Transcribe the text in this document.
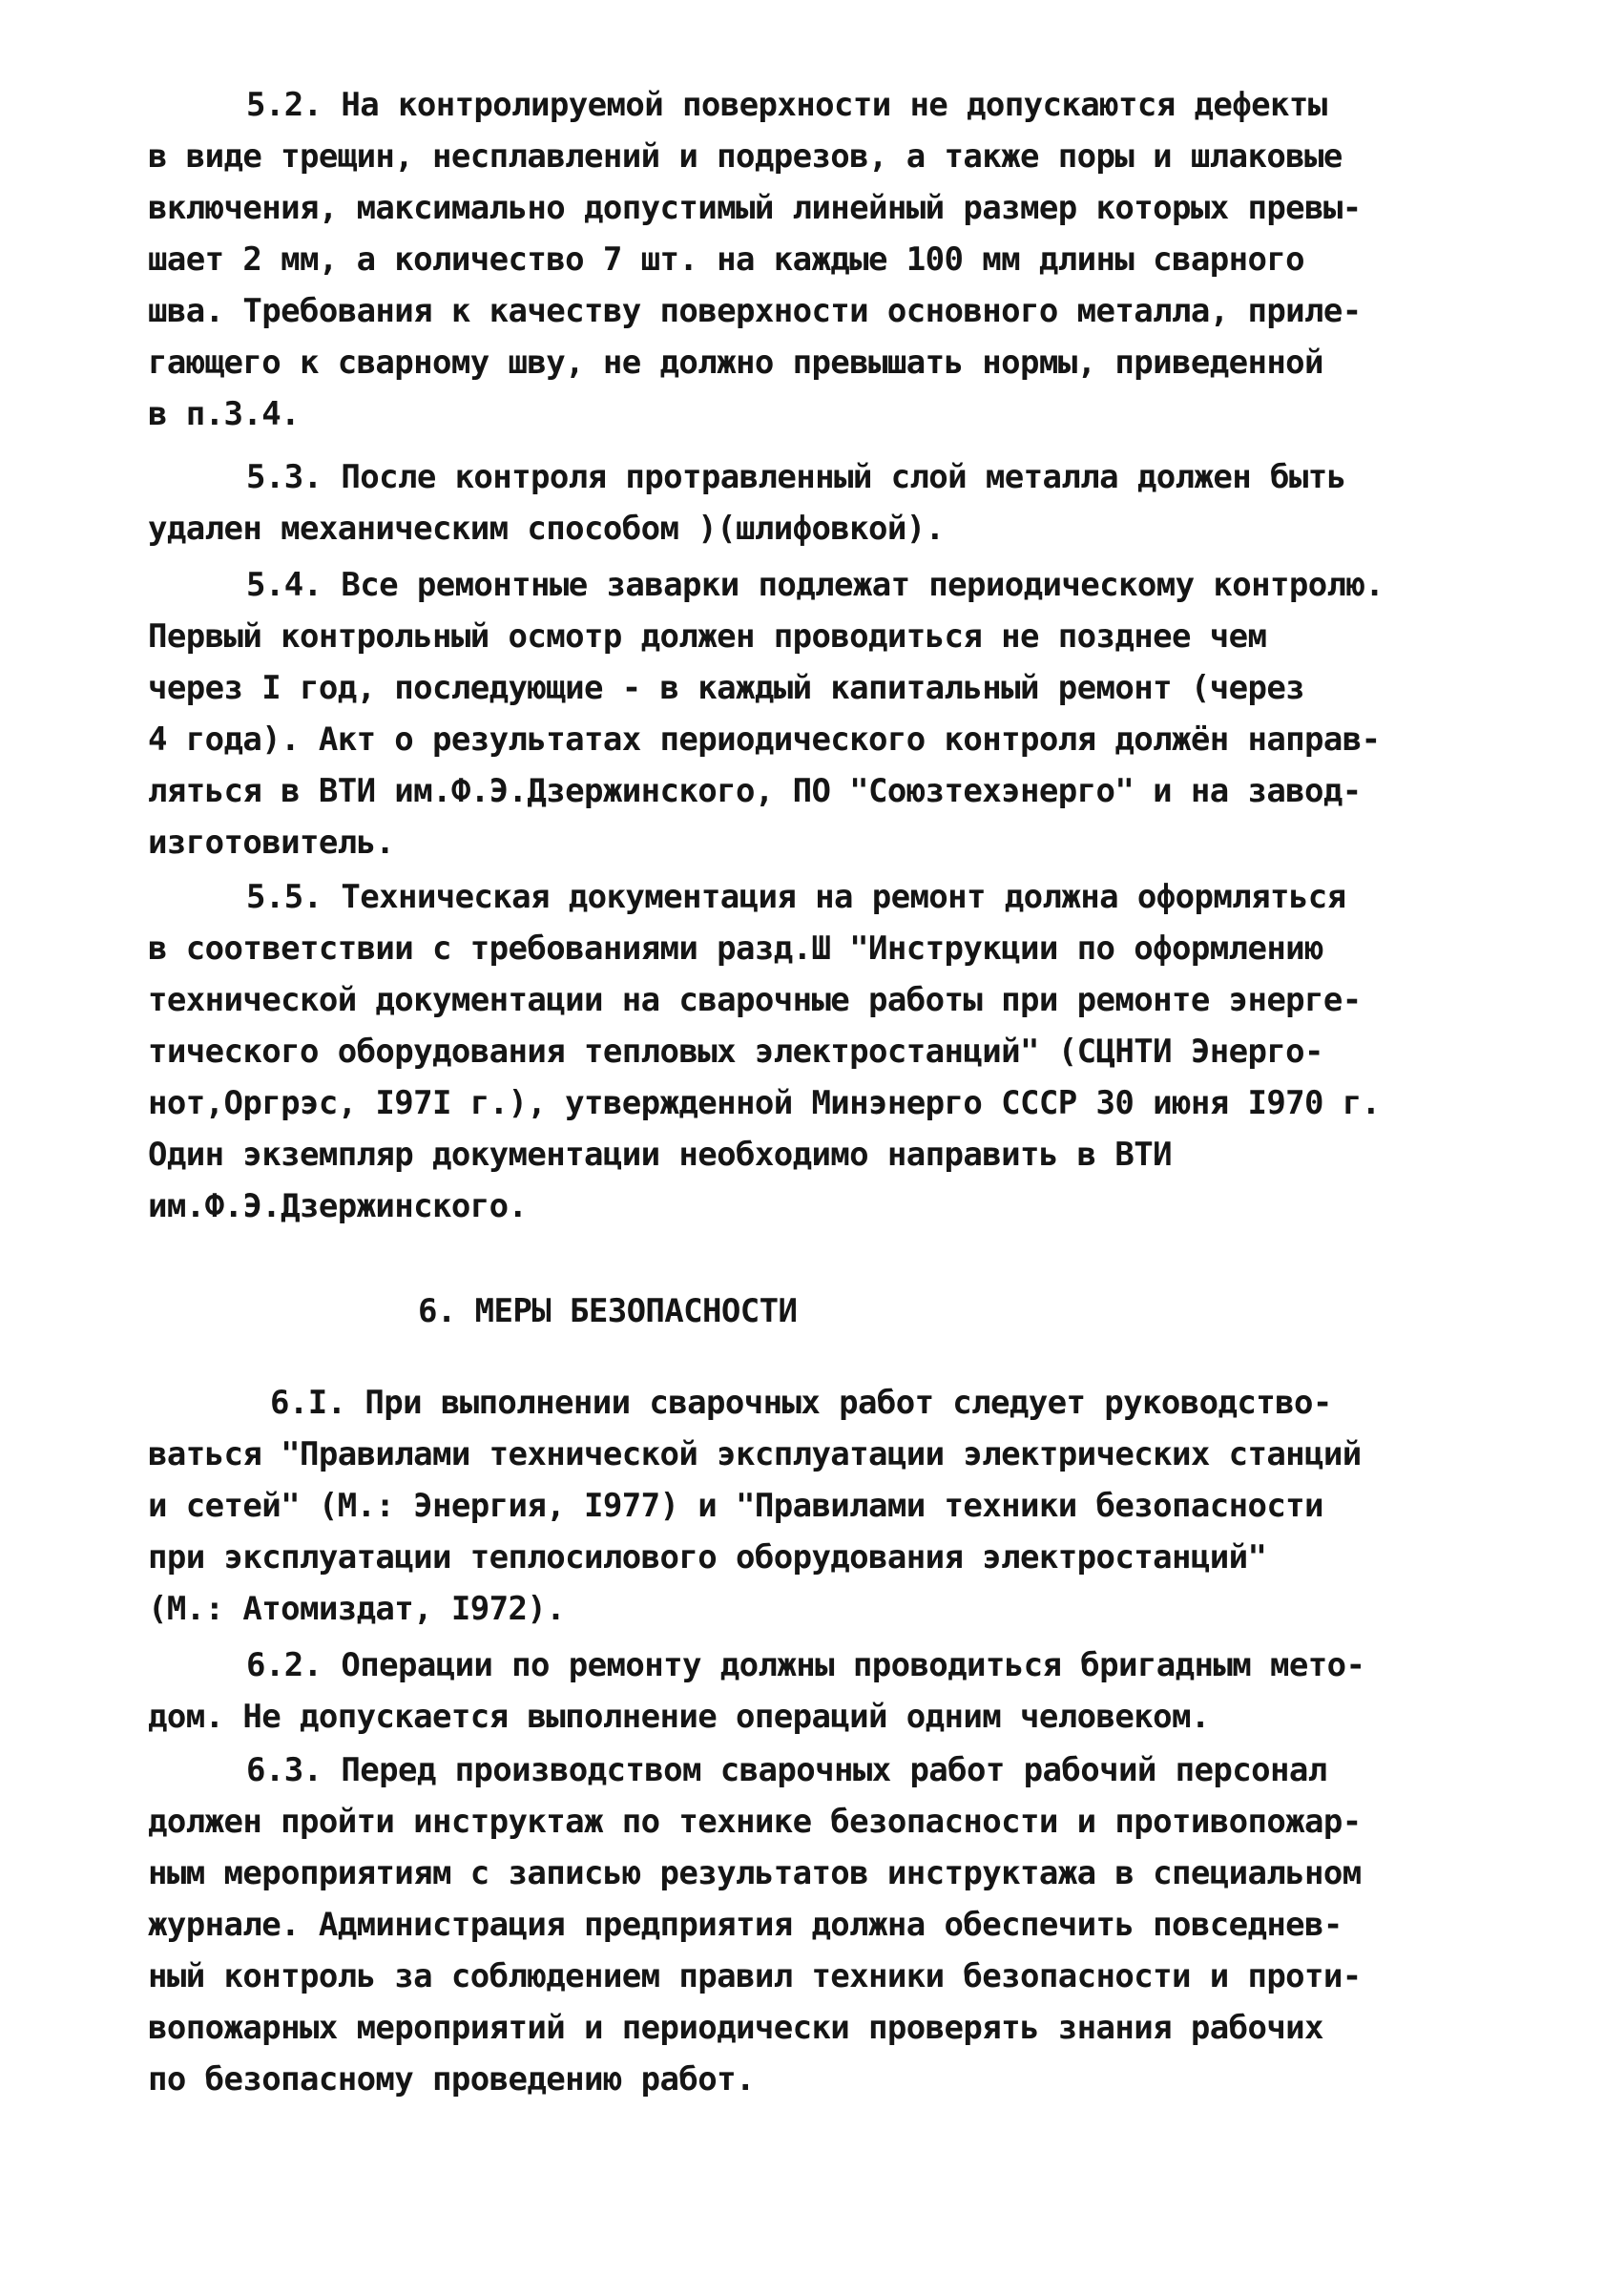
5.2. На контролируемой поверхности не допускаются дефекты
в виде трещин, несплавлений и подрезов, а также поры и шлаковые
включения, максимально допустимый линейный размер которых превы-
шает 2 мм, а количество 7 шт. на каждые 100 мм длины сварного
шва. Требования к качеству поверхности основного металла, приле-
гающего к сварному шву, не должно превышать нормы, приведенной
в п.3.4.
5.3. После контроля протравленный слой металла должен быть
удален механическим способом )(шлифовкой).
5.4. Все ремонтные заварки подлежат периодическому контролю.
Первый контрольный осмотр должен проводиться не позднее чем
через I год, последующие - в каждый капитальный ремонт (через
4 года). Акт о результатах периодического контроля должён направ-
ляться в ВТИ им.Ф.Э.Дзержинского, ПО "Союзтехэнерго" и на завод-
изготовитель.
5.5. Техническая документация на ремонт должна оформляться
в соответствии с требованиями разд.Ш "Инструкции по оформлению
технической документации на сварочные работы при ремонте энерге-
тического оборудования тепловых электростанций" (СЦНТИ Энерго-
нот,Оргрэс, I97I г.), утвержденной Минэнерго СССР 30 июня I970 г.
Один экземпляр документации необходимо направить в ВТИ
им.Ф.Э.Дзержинского.
6. МЕРЫ БЕЗОПАСНОСТИ
6.I. При выполнении сварочных работ следует руководство-
ваться "Правилами технической эксплуатации электрических станций
и сетей" (М.: Энергия, I977) и "Правилами техники безопасности
при эксплуатации теплосилового оборудования электростанций"
(М.: Атомиздат, I972).
6.2. Операции по ремонту должны проводиться бригадным мето-
дом. Не допускается выполнение операций одним человеком.
6.3. Перед производством сварочных работ рабочий персонал
должен пройти инструктаж по технике безопасности и противопожар-
ным мероприятиям с записью результатов инструктажа в специальном
журнале. Администрация предприятия должна обеспечить повседнев-
ный контроль за соблюдением правил техники безопасности и проти-
вопожарных мероприятий и периодически проверять знания рабочих
по безопасному проведению работ.
